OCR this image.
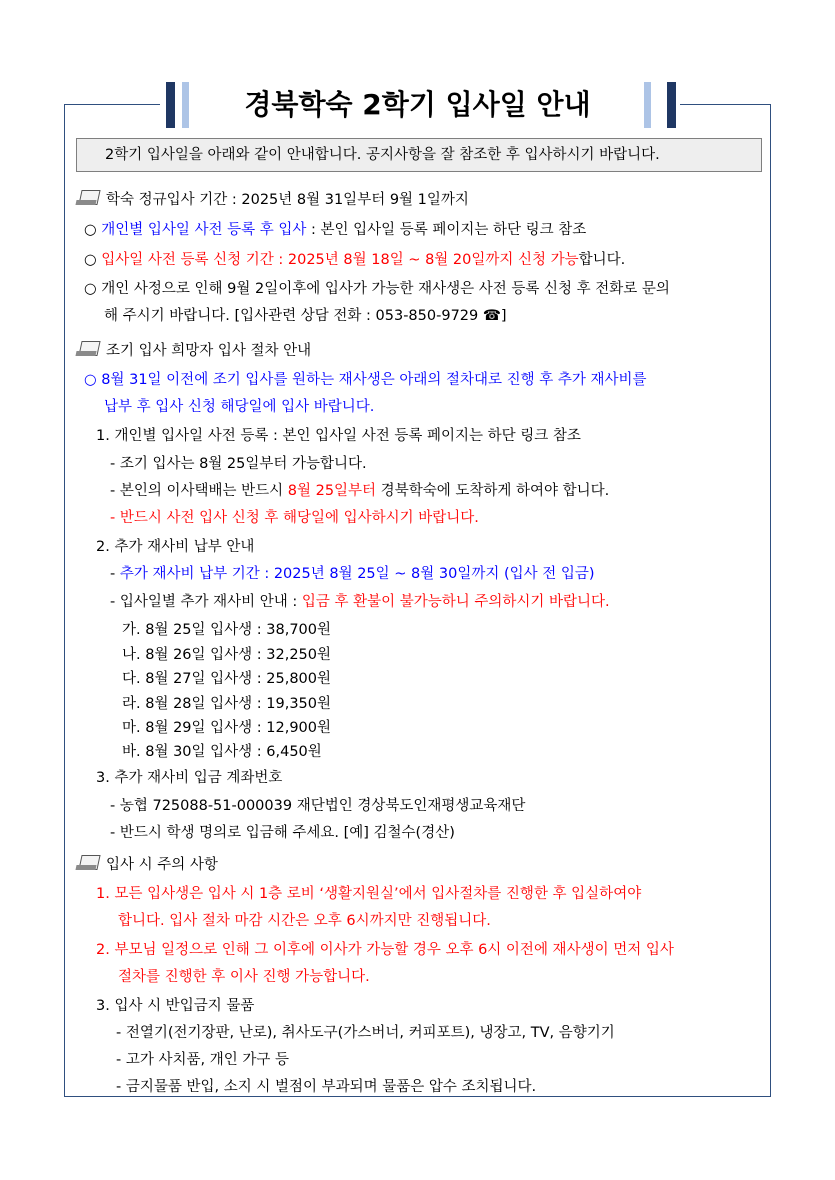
경북학숙 2학기 입사일 안내
2학기 입사일을 아래와 같이 안내합니다. 공지사항을 잘 참조한 후 입사하시기 바랍니다.
학숙 정규입사 기간 : 2025년 8월 31일부터 9월 1일까지
○ 개인별 입사일 사전 등록 후 입사 : 본인 입사일 등록 페이지는 하단 링크 참조
○ 입사일 사전 등록 신청 기간 : 2025년 8월 18일 ~ 8월 20일까지 신청 가능합니다.
○ 개인 사정으로 인해 9월 2일이후에 입사가 가능한 재사생은 사전 등록 신청 후 전화로 문의
해 주시기 바랍니다. [입사관련 상담 전화 : 053-850-9729 ☎]
조기 입사 희망자 입사 절차 안내
○ 8월 31일 이전에 조기 입사를 원하는 재사생은 아래의 절차대로 진행 후 추가 재사비를
납부 후 입사 신청 해당일에 입사 바랍니다.
1. 개인별 입사일 사전 등록 : 본인 입사일 사전 등록 페이지는 하단 링크 참조
- 조기 입사는 8월 25일부터 가능합니다.
- 본인의 이사택배는 반드시 8월 25일부터 경북학숙에 도착하게 하여야 합니다.
- 반드시 사전 입사 신청 후 해당일에 입사하시기 바랍니다.
2. 추가 재사비 납부 안내
- 추가 재사비 납부 기간 : 2025년 8월 25일 ~ 8월 30일까지 (입사 전 입금)
- 입사일별 추가 재사비 안내 : 입금 후 환불이 불가능하니 주의하시기 바랍니다.
가. 8월 25일 입사생 : 38,700원
나. 8월 26일 입사생 : 32,250원
다. 8월 27일 입사생 : 25,800원
라. 8월 28일 입사생 : 19,350원
마. 8월 29일 입사생 : 12,900원
바. 8월 30일 입사생 : 6,450원
3. 추가 재사비 입금 계좌번호
- 농협 725088-51-000039 재단법인 경상북도인재평생교육재단
- 반드시 학생 명의로 입금해 주세요. [예] 김철수(경산)
입사 시 주의 사항
1. 모든 입사생은 입사 시 1층 로비 ‘생활지원실’에서 입사절차를 진행한 후 입실하여야
합니다. 입사 절차 마감 시간은 오후 6시까지만 진행됩니다.
2. 부모님 일정으로 인해 그 이후에 이사가 가능할 경우 오후 6시 이전에 재사생이 먼저 입사
절차를 진행한 후 이사 진행 가능합니다.
3. 입사 시 반입금지 물품
- 전열기(전기장판, 난로), 취사도구(가스버너, 커피포트), 냉장고, TV, 음향기기
- 고가 사치품, 개인 가구 등
- 금지물품 반입, 소지 시 벌점이 부과되며 물품은 압수 조치됩니다.
